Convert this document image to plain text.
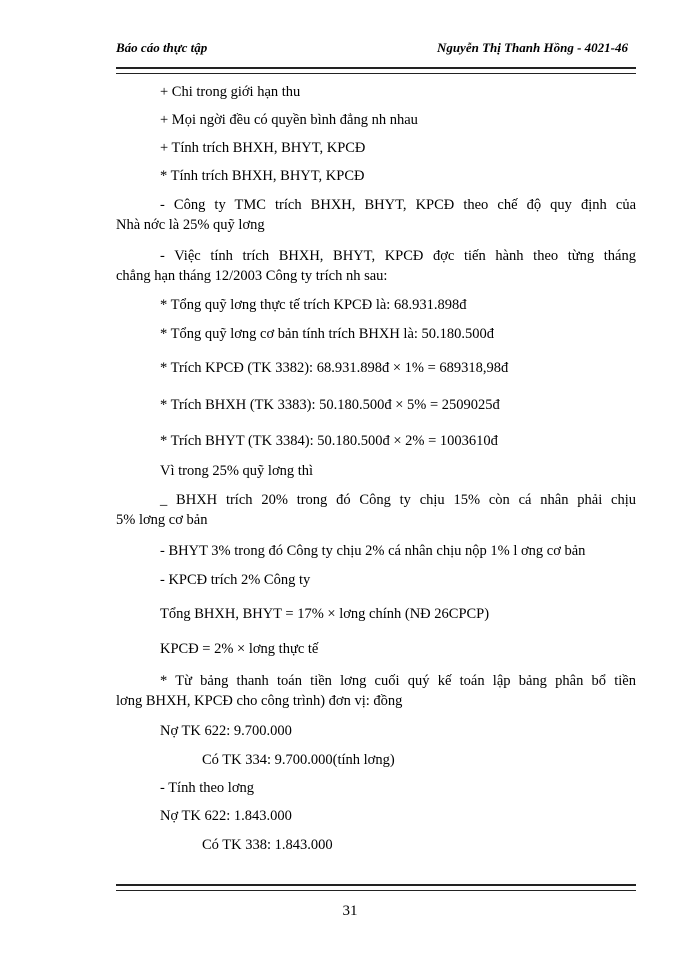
Báo cáo thực tập	Nguyễn Thị Thanh Hồng - 4021-46
+ Chi trong giới hạn thu
+ Mọi ngời đều có quyền bình đẳng nh nhau
+ Tính trích BHXH, BHYT, KPCĐ
* Tính trích BHXH, BHYT, KPCĐ
- Công ty TMC trích BHXH, BHYT, KPCĐ theo chế độ quy định của
Nhà nớc là 25% quỹ lơng
- Việc tính trích BHXH, BHYT, KPCĐ đợc tiến hành theo từng tháng
chẳng hạn tháng 12/2003 Công ty trích nh sau:
* Tổng quỹ lơng thực tế trích KPCĐ là: 68.931.898đ
* Tổng quỹ lơng cơ bản tính trích BHXH là: 50.180.500đ
* Trích KPCĐ (TK 3382): 68.931.898đ × 1% = 689318,98đ
* Trích BHXH (TK 3383): 50.180.500đ × 5% = 2509025đ
* Trích BHYT (TK 3384): 50.180.500đ × 2% = 1003610đ
Vì trong 25% quỹ lơng thì
_ BHXH trích 20% trong đó Công ty chịu 15% còn cá nhân phải chịu
5% lơng cơ bản
- BHYT 3% trong đó Công ty chịu 2% cá nhân chịu nộp 1% l ơng cơ bản
- KPCĐ trích 2% Công ty
Tổng BHXH, BHYT = 17% × lơng chính (NĐ 26CPCP)
KPCĐ = 2% × lơng thực tế
* Từ bảng thanh toán tiền lơng cuối quý kế toán lập bảng phân bổ tiền
lơng BHXH, KPCĐ cho công trình) đơn vị: đồng
Nợ TK 622: 9.700.000
Có TK 334: 9.700.000(tính lơng)
- Tính theo lơng
Nợ TK 622: 1.843.000
Có TK 338: 1.843.000
31
